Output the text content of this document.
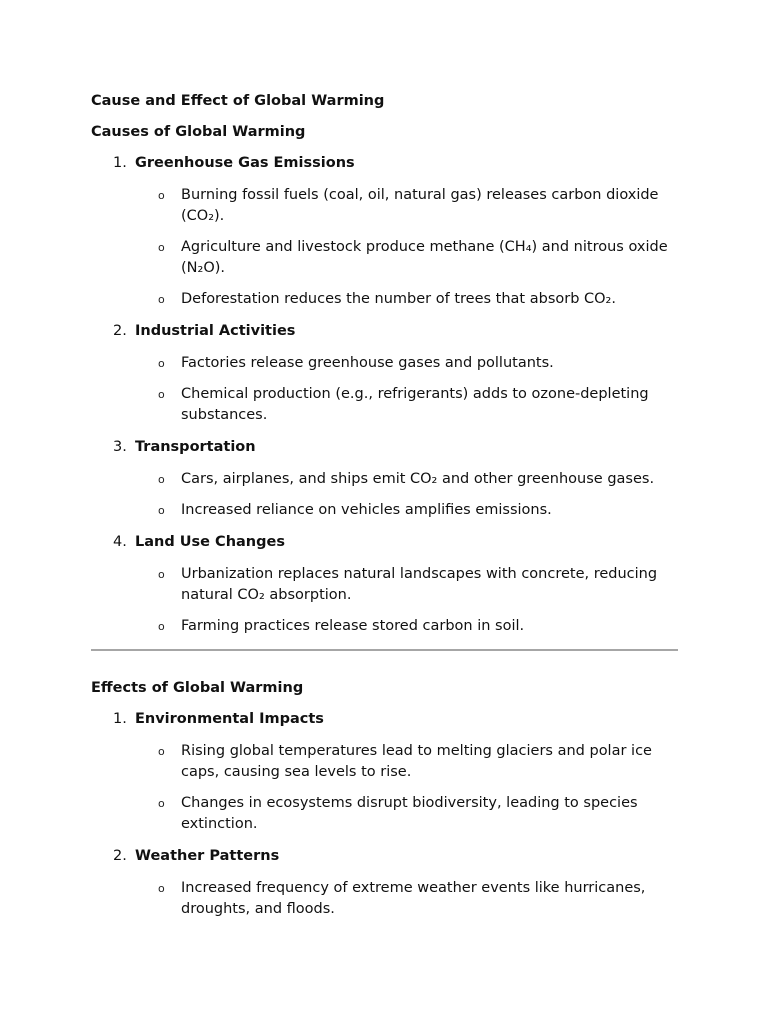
Cause and Effect of Global Warming
Causes of Global Warming
1. Greenhouse Gas Emissions
o	Burning fossil fuels (coal, oil, natural gas) releases carbon dioxide (CO₂).
o	Agriculture and livestock produce methane (CH₄) and nitrous oxide (N₂O).
o	Deforestation reduces the number of trees that absorb CO₂.
2. Industrial Activities
o	Factories release greenhouse gases and pollutants.
o	Chemical production (e.g., refrigerants) adds to ozone-depleting substances.
3. Transportation
o	Cars, airplanes, and ships emit CO₂ and other greenhouse gases.
o	Increased reliance on vehicles amplifies emissions.
4. Land Use Changes
o	Urbanization replaces natural landscapes with concrete, reducing natural CO₂ absorption.
o	Farming practices release stored carbon in soil.
Effects of Global Warming
1. Environmental Impacts
o	Rising global temperatures lead to melting glaciers and polar ice caps, causing sea levels to rise.
o	Changes in ecosystems disrupt biodiversity, leading to species extinction.
2. Weather Patterns
o	Increased frequency of extreme weather events like hurricanes, droughts, and floods.
